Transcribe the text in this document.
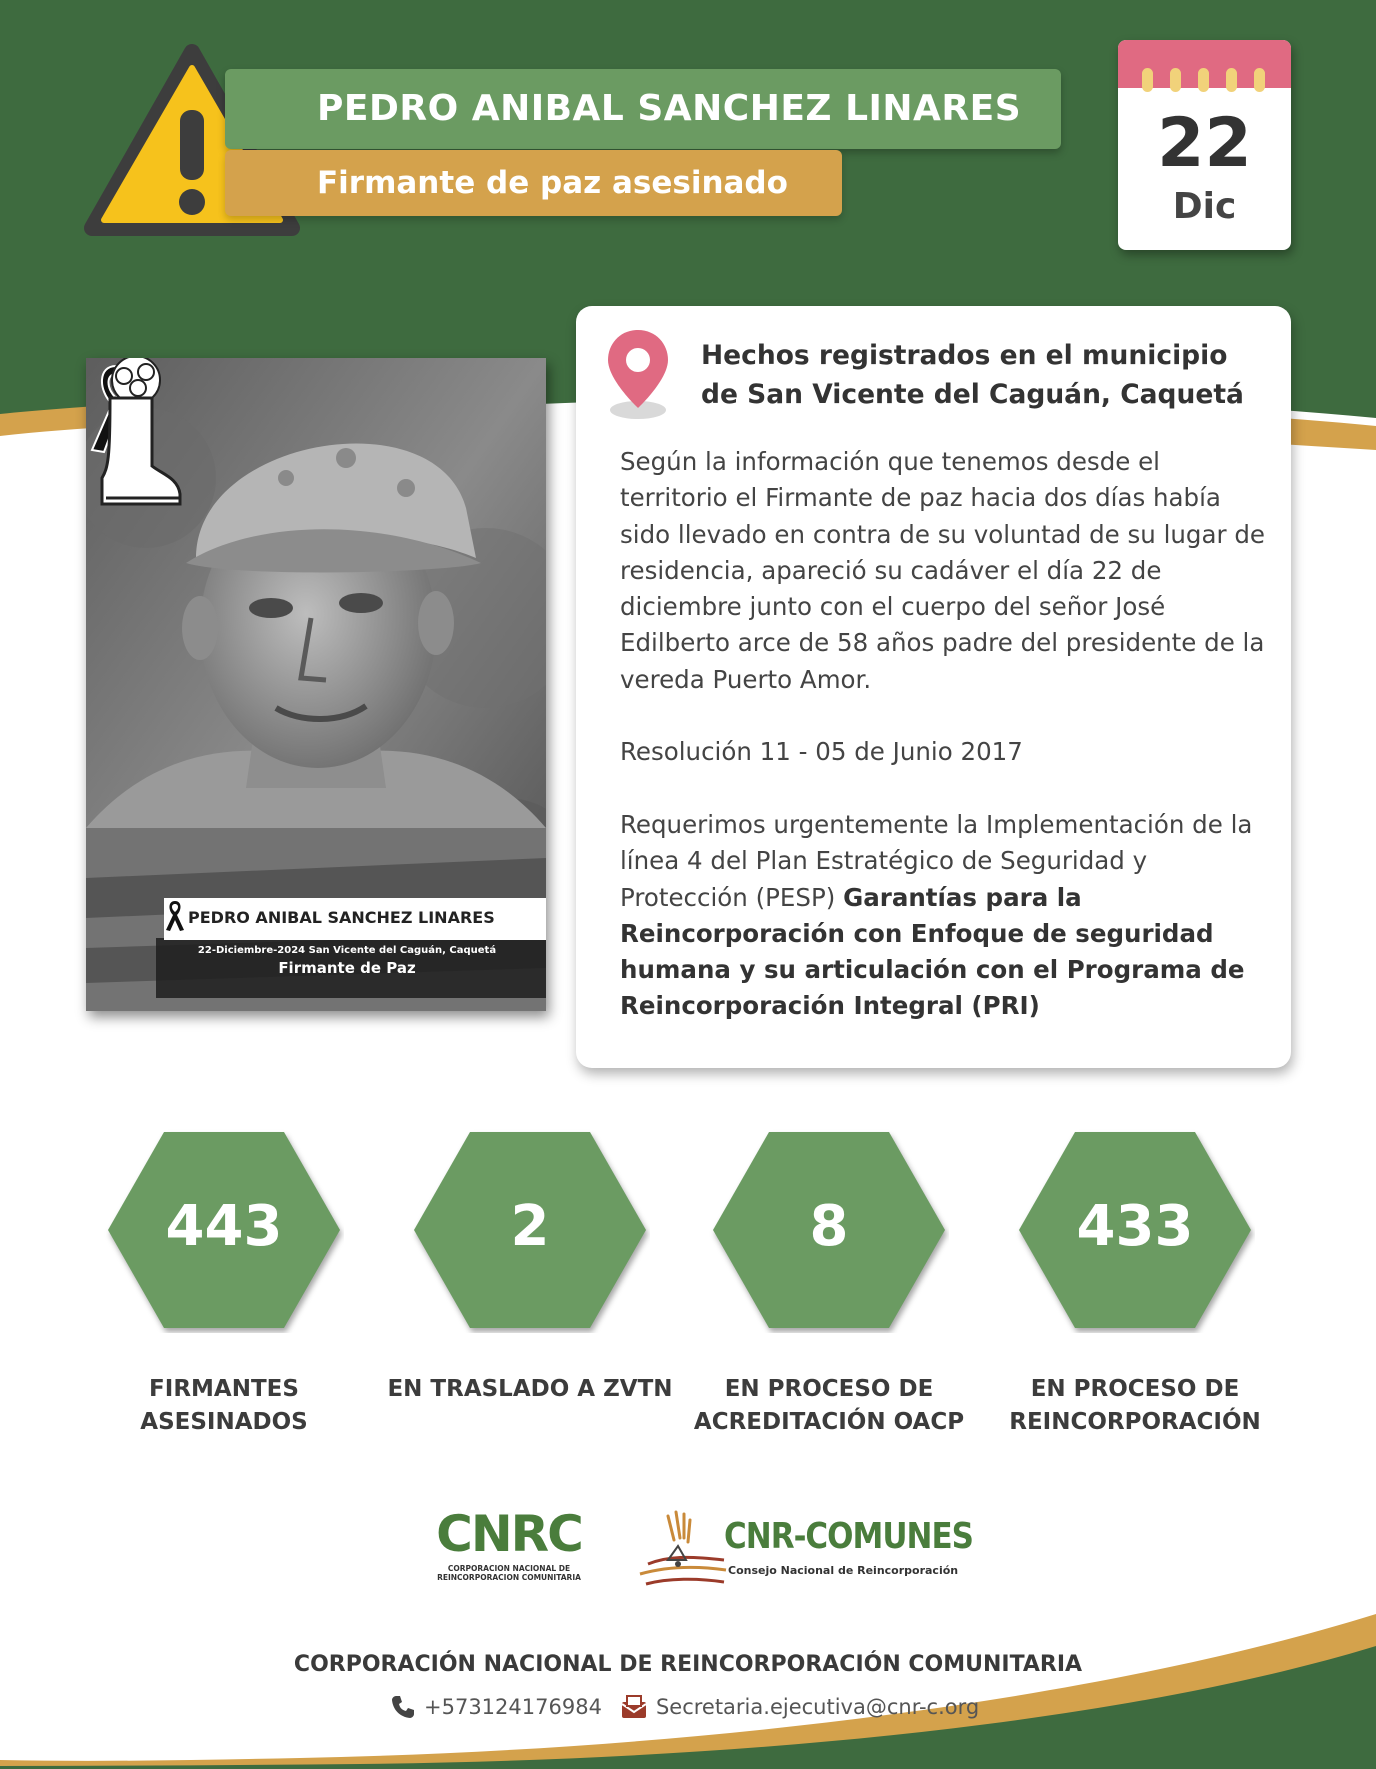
PEDRO ANIBAL SANCHEZ LINARES
Firmante de paz asesinado	22
Dic
PEDRO ANIBAL SANCHEZ LINARES
22-Diciembre-2024 San Vicente del Caguán, Caquetá
Firmante de Paz
Hechos registrados en el municipio de San Vicente del Caguán, Caquetá

Según la información que tenemos desde el territorio el Firmante de paz hacia dos días había sido llevado en contra de su voluntad de su lugar de residencia, apareció su cadáver el día 22 de diciembre junto con el cuerpo del señor José Edilberto arce de 58 años padre del presidente de la vereda Puerto Amor.

Resolución 11 - 05 de Junio 2017

Requerimos urgentemente la Implementación de la línea 4 del Plan Estratégico de Seguridad y Protección (PESP) Garantías para la Reincorporación con Enfoque de seguridad humana y su articulación con el Programa de Reincorporación Integral (PRI)

443
FIRMANTES ASESINADOS
2
EN TRASLADO A ZVTN
8
EN PROCESO DE ACREDITACIÓN OACP
433
EN PROCESO DE REINCORPORACIÓN
CNRC
CORPORACION NACIONAL DE REINCORPORACION COMUNITARIA
CNR-COMUNES
Consejo Nacional de Reincorporación
CORPORACIÓN NACIONAL DE REINCORPORACIÓN COMUNITARIA
+573124176984	Secretaria.ejecutiva@cnr-c.org
